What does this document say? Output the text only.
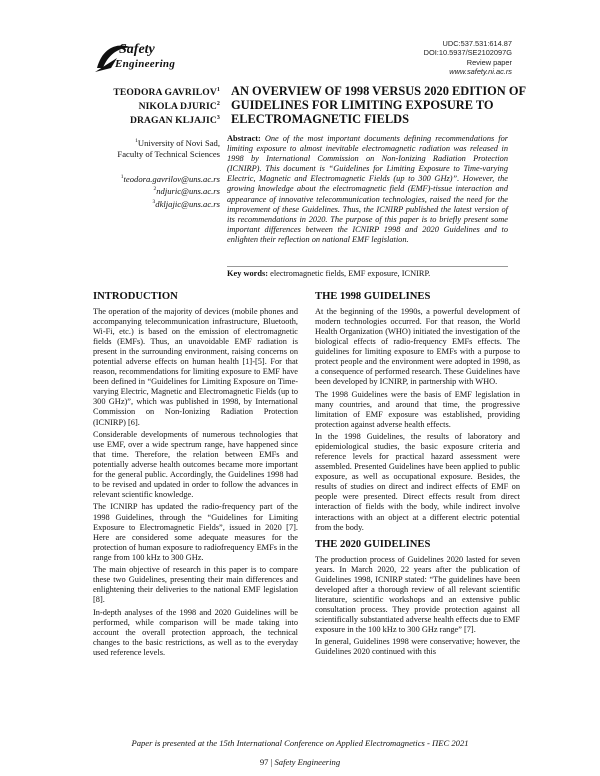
Safety
Engineering
UDC:537.531:614.87
DOI:10.5937/SE2102097G
Review paper
www.safety.ni.ac.rs
TEODORA GAVRILOV$^1$
NIKOLA DJURIC$^2$
DRAGAN KLJAJIC$^3$
$^1$University of Novi Sad,
Faculty of Technical Sciences
$^1$teodora.gavrilov@uns.ac.rs
$^2$ndjuric@uns.ac.rs
$^3$dkljajic@uns.ac.rs
AN OVERVIEW OF 1998 VERSUS 2020 EDITION OF GUIDELINES FOR LIMITING EXPOSURE TO ELECTROMAGNETIC FIELDS
Abstract: One of the most important documents defining recommendations for limiting exposure to almost inevitable electromagnetic radiation was released in 1998 by International Commission on Non-Ionizing Radiation Protection (ICNIRP). This document is “Guidelines for Limiting Exposure to Time-varying Electric, Magnetic and Electromagnetic Fields (up to 300 GHz)”. However, the growing knowledge about the electromagnetic field (EMF)-tissue interaction and appearance of innovative telecommunication technologies, raised the need for the improvement of these Guidelines. Thus, the ICNIRP published the latest version of its recommendations in 2020. The purpose of this paper is to briefly present some important differences between the ICNIRP 1998 and 2020 Guidelines and to enlighten their reflection on national EMF legislation.
Key words: electromagnetic fields, EMF exposure, ICNIRP.
INTRODUCTION

The operation of the majority of devices (mobile phones and accompanying telecommunication infrastructure, Bluetooth, Wi-Fi, etc.) is based on the emission of electromagnetic fields (EMFs). Thus, an unavoidable EMF radiation is present in the surrounding environment, raising concerns on potential adverse effects on human health [1]-[5]. For that reason, recommendations for limiting exposure to EMF have been defined in “Guidelines for Limiting Exposure on Time-varying Electric, Magnetic and Electromagnetic Fields (up to 300 GHz)”, which was published in 1998, by International Commission on Non-Ionizing Radiation Protection (ICNIRP) [6].

Considerable developments of numerous technologies that use EMF, over a wide spectrum range, have happened since that time. Therefore, the relation between EMFs and potentially adverse health outcomes became more important for the general public. Accordingly, the Guidelines 1998 had to be revised and updated in order to follow the advances in relevant scientific knowledge.

The ICNIRP has updated the radio-frequency part of the 1998 Guidelines, through the “Guidelines for Limiting Exposure to Electromagnetic Fields”, issued in 2020 [7]. Here are considered some adequate measures for the protection of human exposure to radiofrequency EMFs in the range from 100 kHz to 300 GHz.

The main objective of research in this paper is to compare these two Guidelines, presenting their main differences and enlightening their deliveries to the national EMF legislation [8].

In-depth analyses of the 1998 and 2020 Guidelines will be performed, while comparison will be made taking into account the overall protection approach, the technical changes to the basic restrictions, as well as to the everyday used reference levels.

THE 1998 GUIDELINES

At the beginning of the 1990s, a powerful development of modern technologies occurred. For that reason, the World Health Organization (WHO) initiated the investigation of the biological effects of radio-frequency EMFs effects. The guidelines for limiting exposure to EMFs with a purpose to protect people and the environment were adopted in 1998, as a consequence of performed research. These Guidelines have been developed by ICNIRP, in partnership with WHO.

The 1998 Guidelines were the basis of EMF legislation in many countries, and around that time, the progressive limitation of EMF exposure was established, providing protection against adverse health effects.

In the 1998 Guidelines, the results of laboratory and epidemiological studies, the basic exposure criteria and reference levels for practical hazard assessment were assembled. Presented Guidelines have been applied to public exposure, as well as occupational exposure. Besides, the results of studies on direct and indirect effects of EMF on people were presented. Direct effects result from direct interaction of fields with the body, while indirect involve interactions with an object at a different electric potential from the body.

THE 2020 GUIDELINES

The production process of Guidelines 2020 lasted for seven years. In March 2020, 22 years after the publication of Guidelines 1998, ICNIRP stated: “The guidelines have been developed after a thorough review of all relevant scientific literature, scientific workshops and an extensive public consultation process. They provide protection against all scientifically substantiated adverse health effects due to EMF exposure in the 100 kHz to 300 GHz range” [7].

In general, Guidelines 1998 were conservative; however, the Guidelines 2020 continued with this

Paper is presented at the 15th International Conference on Applied Electromagnetics - ПЕС 2021
97 | Safety Engineering
